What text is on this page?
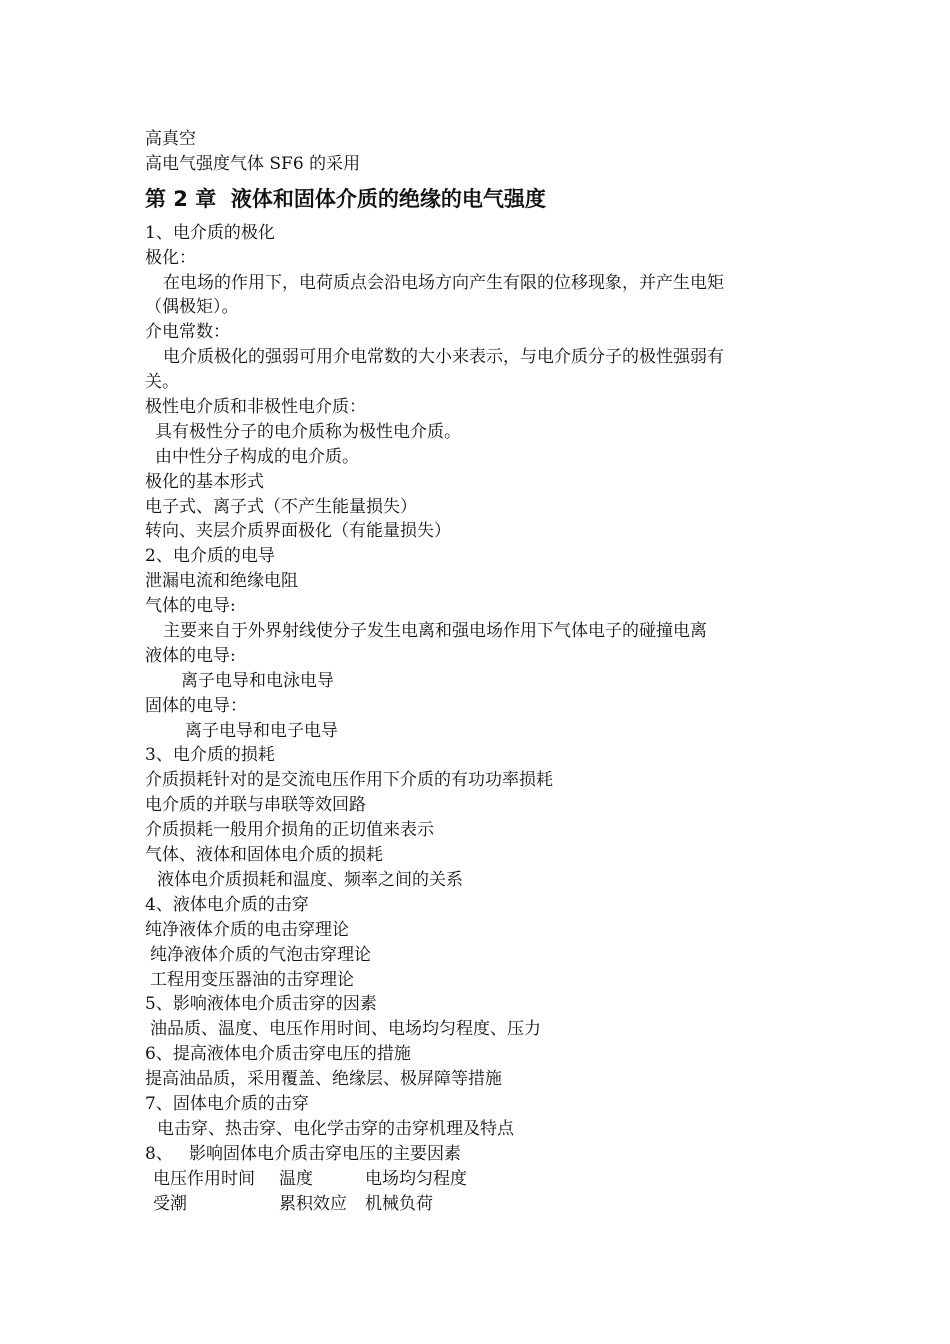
高真空
高电气强度气体 SF6 的采用
第 2 章  液体和固体介质的绝缘的电气强度
1、电介质的极化
极化：
在电场的作用下，电荷质点会沿电场方向产生有限的位移现象，并产生电矩
（偶极矩）。
介电常数：
电介质极化的强弱可用介电常数的大小来表示，与电介质分子的极性强弱有
关。
极性电介质和非极性电介质：
具有极性分子的电介质称为极性电介质。
由中性分子构成的电介质。
极化的基本形式
电子式、离子式（不产生能量损失）
转向、夹层介质界面极化（有能量损失）
2、电介质的电导
泄漏电流和绝缘电阻
气体的电导:
主要来自于外界射线使分子发生电离和强电场作用下气体电子的碰撞电离
液体的电导:
离子电导和电泳电导
固体的电导：
离子电导和电子电导
3、电介质的损耗
介质损耗针对的是交流电压作用下介质的有功功率损耗
电介质的并联与串联等效回路
介质损耗一般用介损角的正切值来表示
气体、液体和固体电介质的损耗
液体电介质损耗和温度、频率之间的关系
4、液体电介质的击穿
纯净液体介质的电击穿理论
纯净液体介质的气泡击穿理论
工程用变压器油的击穿理论
5、影响液体电介质击穿的因素
油品质、温度、电压作用时间、电场均匀程度、压力
6、提高液体电介质击穿电压的措施
提高油品质，采用覆盖、绝缘层、极屏障等措施
7、固体电介质的击穿
电击穿、热击穿、电化学击穿的击穿机理及特点
8、   影响固体电介质击穿电压的主要因素

电压作用时间

温度

	电场均匀程度

受潮

	累积效应

机械负荷
